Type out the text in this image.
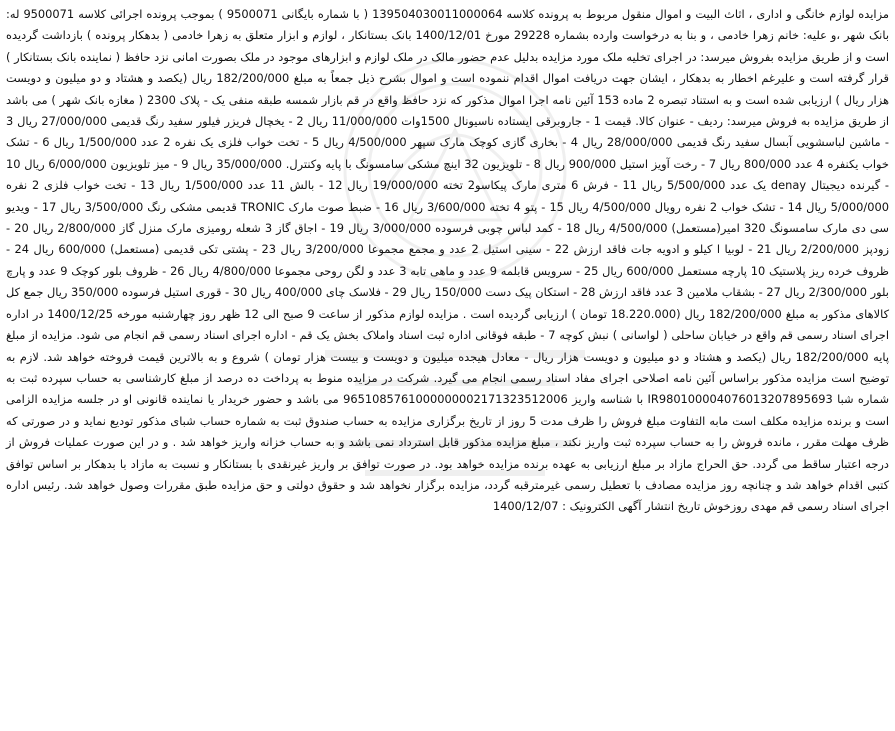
مزایده لوازم خانگی و اداری ، اثاث البیت و اموال منقول مربوط به پرونده کلاسه 139504030011000064 ( با شماره بایگانی 9500071 ) بموجب پرونده اجرائی کلاسه 9500071 له: بانک شهر ،و علیه: خانم زهرا خادمی ، و بنا به درخواست وارده بشماره 29228 مورخ 1400/12/01 بانک بستانکار ، لوازم و ابزار متعلق به زهرا خادمی ( بدهکار پرونده ) بازداشت گردیده است و از طریق مزایده بفروش میرسد: در اجرای تخلیه ملک مورد مزایده بدلیل عدم حضور مالک در ملک لوازم و ابزارهای موجود در ملک بصورت امانی نزد حافظ ( نماینده بانک بستانکار ) قرار گرفته است و علیرغم اخطار به بدهکار ، ایشان جهت دریافت اموال اقدام ننموده است و اموال بشرح ذیل جمعاً به مبلغ 182/200/000 ریال (یکصد و هشتاد و دو میلیون و دویست هزار ریال ) ارزیابی شده است و به استناد تبصره 2 ماده 153 آئین نامه اجرا اموال مذکور که نزد حافظ واقع در قم بازار شمسه طبقه منفی یک - پلاک 2300 ( مغازه بانک شهر ) می باشد از طریق مزایده به فروش میرسد: ردیف - عنوان کالا. قیمت 1 - جاروبرقی ایستاده ناسیونال 1500وات 11/000/000 ریال 2 - یخچال فریزر فیلور سفید رنگ قدیمی 27/000/000 ریال 3 - ماشین لباسشویی آبسال سفید رنگ قدیمی 28/000/000 ریال 4 - بخاری گازی کوچک مارک سپهر 4/500/000 ریال 5 - تخت خواب فلزی یک نفره 2 عدد 1/500/000 ریال 6 - تشک خواب یکنفره 4 عدد 800/000 ریال 7 - رخت آویز استیل 900/000 ریال 8 - تلویزیون 32 اینچ مشکی سامسونگ با پایه وکنترل. 35/000/000 ریال 9 - میز تلویزیون 6/000/000 ریال 10 - گیرنده دیجیتال denay یک عدد 5/500/000 ریال 11 - فرش 6 متری مارک پیکاسو2 تخته 19/000/000 ریال 12 - بالش 11 عدد 1/500/000 ریال 13 - تخت خواب فلزی 2 نفره 5/000/000 ریال 14 - تشک خواب 2 نفره رویال 4/500/000 ریال 15 - پتو 4 تخته 3/600/000 ریال 16 - ضبط صوت مارک TRONIC قدیمی مشکی رنگ 3/500/000 ریال 17 - ویدیو سی دی مارک سامسونگ 320 امیر(مستعمل) 4/500/000 ریال 18 - کمد لباس چوبی فرسوده 3/000/000 ریال 19 - اجاق گاز 3 شعله رومیزی مارک منزل گاز 2/800/000 ریال 20 - زودپز 2/200/000 ریال 21 - لوبیا ا کیلو و ادویه جات فاقد ارزش 22 - سینی استیل 2 عدد و مجمع مجموعا 3/200/000 ریال 23 - پشتی تکی قدیمی (مستعمل) 600/000 ریال 24 - ظروف خرده ریز پلاستیک 10 پارچه مستعمل 600/000 ریال 25 - سرویس قابلمه 9 عدد و ماهی تابه 3 عدد و لگن روحی مجموعا 4/800/000 ریال 26 - ظروف بلور کوچک 9 عدد و پارچ بلور 2/300/000 ریال 27 - بشقاب ملامین 3 عدد فاقد ارزش 28 - استکان پیک دست 150/000 ریال 29 - فلاسک چای 400/000 ریال 30 - قوری استیل فرسوده 350/000 ریال جمع کل کالاهای مذکور به مبلغ 182/200/000 ریال (18.220.000 تومان ) ارزیابی گردیده است . مزایده لوازم مذکور از ساعت 9 صبح الی 12 ظهر روز چهارشنبه مورخه 1400/12/25 در اداره اجرای اسناد رسمی قم واقع در خیابان ساحلی ( لواسانی ) نبش کوچه 7 - طبقه فوقانی اداره ثبت اسناد واملاک بخش یک قم - اداره اجرای اسناد رسمی قم انجام می شود. مزایده از مبلغ پایه 182/200/000 ریال (یکصد و هشتاد و دو میلیون و دویست هزار ریال - معادل هیجده میلیون و دویست و بیست هزار تومان ) شروع و به بالاترین قیمت فروخته خواهد شد. لازم به توضیح است مزایده مذکور براساس آئین نامه اصلاحی اجرای مفاد اسناد رسمی انجام می گیرد. شرکت در مزایده منوط به پرداخت ده درصد از مبلغ کارشناسی به حساب سپرده ثبت به شماره شبا IR980100004076013207895693 با شناسه واریز 9651085761000000002171323512006 می باشد و حضور خریدار یا نماینده قانونی او در جلسه مزایده الزامی است و برنده مزایده مکلف است مابه التفاوت مبلغ فروش را ظرف مدت 5 روز از تاریخ برگزاری مزایده به حساب صندوق ثبت به شماره حساب شبای مذکور تودیع نماید و در صورتی که ظرف مهلت مقرر ، مانده فروش را به حساب سپرده ثبت واریز نکند ، مبلغ مزایده مذکور قابل استرداد نمی باشد و به حساب خزانه واریز خواهد شد . و در این صورت عملیات فروش از درجه اعتبار ساقط می گردد. حق الحراج مازاد بر مبلغ ارزیابی به عهده برنده مزایده خواهد بود. در صورت توافق بر واریز غیرنقدی با بستانکار و نسبت به مازاد با بدهکار بر اساس توافق کتبی اقدام خواهد شد و چنانچه روز مزایده مصادف با تعطیل رسمی غیرمترقبه گردد، مزایده برگزار نخواهد شد و حقوق دولتی و حق مزایده طبق مقررات وصول خواهد شد. رئیس اداره اجرای اسناد رسمی قم مهدی روزخوش تاریخ انتشار آگهی الکترونیک : 1400/12/07
